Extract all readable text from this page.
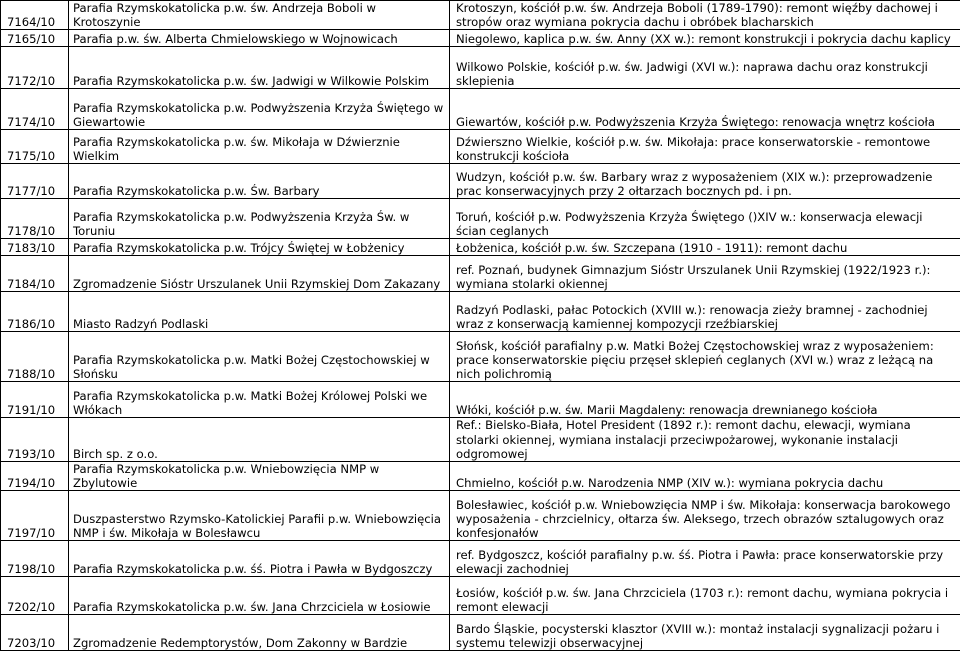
7164/10	Parafia Rzymskokatolicka p.w. św. Andrzeja Boboli w Krotoszynie	Krotoszyn, kościół p.w. św. Andrzeja Boboli (1789-1790): remont więźby dachowej i stropów oraz wymiana pokrycia dachu i obróbek blacharskich
7165/10	Parafia p.w. św. Alberta Chmielowskiego w Wojnowicach	Niegolewo, kaplica p.w. św. Anny (XX w.): remont konstrukcji i pokrycia dachu kaplicy
7172/10	Parafia Rzymskokatolicka p.w. św. Jadwigi w Wilkowie Polskim	Wilkowo Polskie, kościół p.w. św. Jadwigi (XVI w.): naprawa dachu oraz konstrukcji sklepienia
7174/10	Parafia Rzymskokatolicka p.w. Podwyższenia Krzyża Świętego w Giewartowie	Giewartów, kościół p.w. Podwyższenia Krzyża Świętego: renowacja wnętrz kościoła
7175/10	Parafia Rzymskokatolicka p.w. św. Mikołaja w Dźwierznie Wielkim	Dźwierszno Wielkie, kościół p.w. św. Mikołaja: prace konserwatorskie - remontowe konstrukcji kościoła
7177/10	Parafia Rzymskokatolicka p.w. Św. Barbary	Wudzyn, kościół p.w. św. Barbary wraz z wyposażeniem (XIX w.): przeprowadzenie prac konserwacyjnych przy 2 ołtarzach bocznych pd. i pn.
7178/10	Parafia Rzymskokatolicka p.w. Podwyższenia Krzyża Św. w Toruniu	Toruń, kościół p.w. Podwyższenia Krzyża Świętego ()XIV w.: konserwacja elewacji ścian ceglanych
7183/10	Parafia Rzymskokatolicka p.w. Trójcy Świętej w Łobżenicy	Łobżenica, kościół p.w. św. Szczepana (1910 - 1911): remont dachu
7184/10	Zgromadzenie Sióstr Urszulanek Unii Rzymskiej Dom Zakazany	ref. Poznań, budynek Gimnazjum Sióstr Urszulanek Unii Rzymskiej (1922/1923 r.): wymiana stolarki okiennej
7186/10	Miasto Radzyń Podlaski	Radzyń Podlaski, pałac Potockich (XVIII w.): renowacja zieży bramnej - zachodniej wraz z konserwacją kamiennej kompozycji rzeźbiarskiej
7188/10	Parafia Rzymskokatolicka p.w. Matki Bożej Częstochowskiej w Słońsku	Słońsk, kościół parafialny p.w. Matki Bożej Częstochowskiej wraz z wyposażeniem: prace konserwatorskie pięciu przęseł sklepień ceglanych (XVI w.) wraz z leżącą na nich polichromią
7191/10	Parafia Rzymskokatolicka p.w. Matki Bożej Królowej Polski we Włókach	Włóki, kościół p.w. św. Marii Magdaleny: renowacja drewnianego kościoła
7193/10	Birch sp. z o.o.	Ref.: Bielsko-Biała, Hotel President (1892 r.): remont dachu, elewacji, wymiana stolarki okiennej, wymiana instalacji przeciwpożarowej, wykonanie instalacji odgromowej
7194/10	Parafia Rzymskokatolicka p.w. Wniebowzięcia NMP w Zbylutowie	Chmielno, kościół p.w. Narodzenia NMP (XIV w.): wymiana pokrycia dachu
7197/10	Duszpasterstwo Rzymsko-Katolickiej Parafii p.w. Wniebowzięcia NMP i św. Mikołaja w Bolesławcu	Bolesławiec, kościół p.w. Wniebowzięcia NMP i św. Mikołaja: konserwacja barokowego wyposażenia - chrzcielnicy, ołtarza św. Aleksego, trzech obrazów sztalugowych oraz konfesjonałów
7198/10	Parafia Rzymskokatolicka p.w. śś. Piotra i Pawła w Bydgoszczy	ref. Bydgoszcz, kościół parafialny p.w. śś. Piotra i Pawła: prace konserwatorskie przy elewacji zachodniej
7202/10	Parafia Rzymskokatolicka p.w. św. Jana Chrzciciela w Łosiowie	Łosiów, kościół p.w. św. Jana Chrzciciela (1703 r.): remont dachu, wymiana pokrycia i remont elewacji
7203/10	Zgromadzenie Redemptorystów, Dom Zakonny w Bardzie	Bardo Śląskie, pocysterski klasztor (XVIII w.): montaż instalacji sygnalizacji pożaru i systemu telewizji obserwacyjnej
